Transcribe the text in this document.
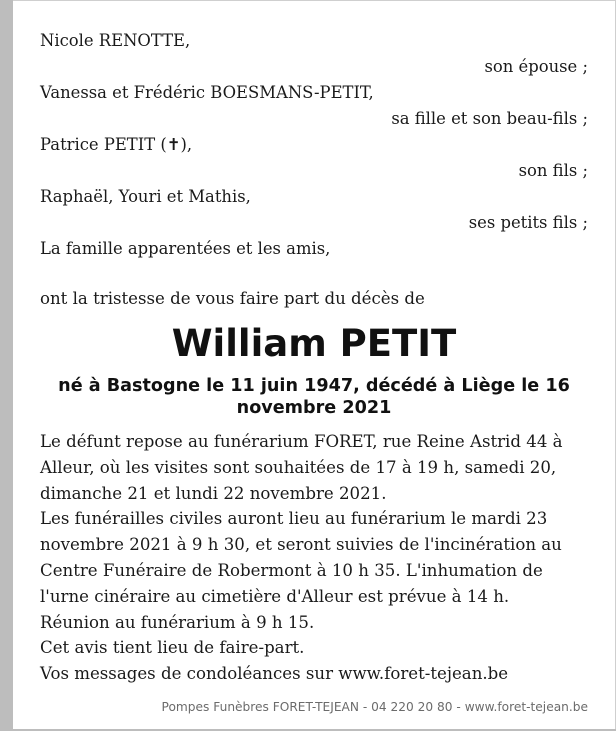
Nicole RENOTTE,
son épouse ;
Vanessa et Frédéric BOESMANS-PETIT,
sa fille et son beau-fils ;
Patrice PETIT (✝),
son fils ;
Raphaël, Youri et Mathis,
ses petits fils ;
La famille apparentées et les amis,
ont la tristesse de vous faire part du décès de
William PETIT
né à Bastogne le 11 juin 1947, décédé à Liège le 16
novembre 2021
Le défunt repose au funérarium FORET, rue Reine Astrid 44 à
Alleur, où les visites sont souhaitées de 17 à 19 h, samedi 20,
dimanche 21 et lundi 22 novembre 2021.
Les funérailles civiles auront lieu au funérarium le mardi 23
novembre 2021 à 9 h 30, et seront suivies de l'incinération au
Centre Funéraire de Robermont à 10 h 35. L'inhumation de
l'urne cinéraire au cimetière d'Alleur est prévue à 14 h.
Réunion au funérarium à 9 h 15.
Cet avis tient lieu de faire-part.
Vos messages de condoléances sur www.foret-tejean.be
Pompes Funèbres FORET-TEJEAN - 04 220 20 80 - www.foret-tejean.be
